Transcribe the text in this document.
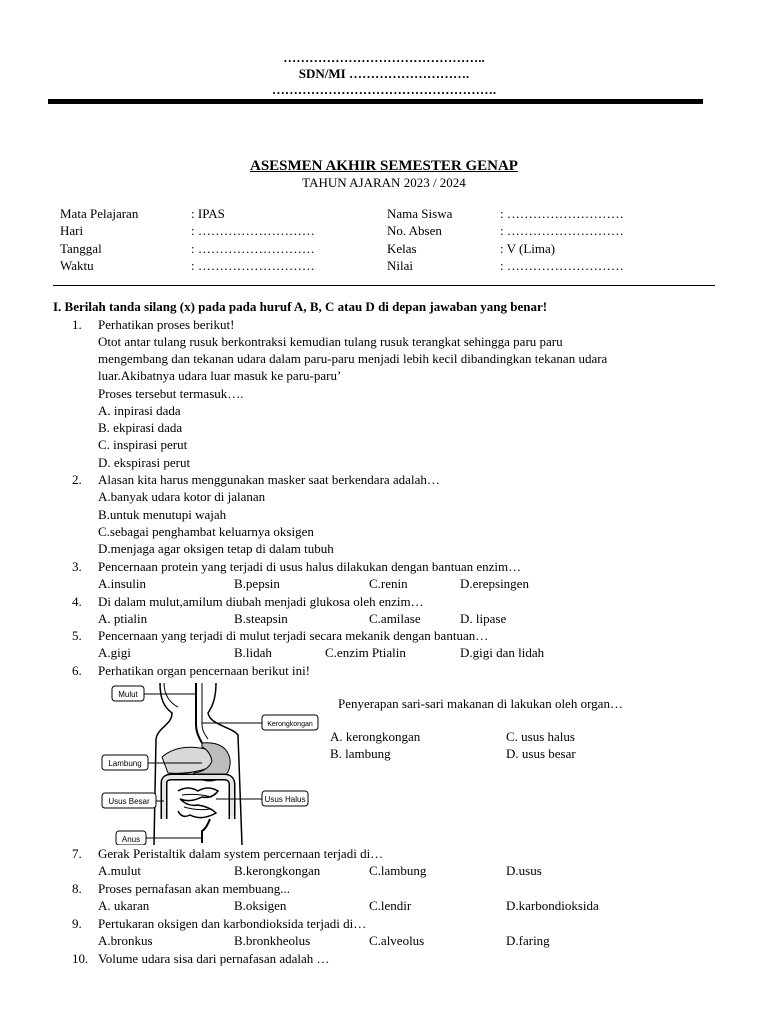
………………………………………..
SDN/MI ……………………….
…………………………………………….
ASESMEN AKHIR SEMESTER GENAP
TAHUN AJARAN 2023 / 2024
Mata Pelajaran	: IPAS
Hari	: ………………………
Tanggal	: ………………………
Waktu	: ………………………
Nama Siswa	: ………………………
No. Absen	: ………………………
Kelas	: V (Lima)
Nilai	: ………………………
I. Berilah tanda silang (x) pada pada huruf A, B, C atau D di depan jawaban yang benar!
1. Perhatikan proses berikut!
Otot antar tulang rusuk berkontraksi kemudian tulang rusuk terangkat sehingga paru paru
mengembang dan tekanan udara dalam paru-paru menjadi lebih kecil dibandingkan tekanan udara
luar.Akibatnya udara luar masuk ke paru-paru’
Proses tersebut termasuk….
A. inpirasi dada
B. ekpirasi dada
C. inspirasi perut
D. ekspirasi perut
2. Alasan kita harus menggunakan masker saat berkendara adalah…
A.banyak udara kotor di jalanan
B.untuk menutupi wajah
C.sebagai penghambat keluarnya oksigen
D.menjaga agar oksigen tetap di dalam tubuh
3. Pencernaan protein yang terjadi di usus halus dilakukan dengan bantuan enzim…
A.insulin	B.pepsin	C.renin	D.erepsingen
4. Di dalam mulut,amilum diubah menjadi glukosa oleh enzim…
A. ptialin	B.steapsin	C.amilase	D. lipase
5. Pencernaan yang terjadi di mulut terjadi secara mekanik dengan bantuan…
A.gigi	B.lidah	C.enzim Ptialin	D.gigi dan lidah
6. Perhatikan organ pencernaan berikut ini!
Mulut
Kerongkongan
Lambung
Usus Besar	Usus Halus
Anus
Penyerapan sari-sari makanan di lakukan oleh organ…
A. kerongkongan	C. usus halus
B. lambung	D. usus besar
7. Gerak Peristaltik dalam system percernaan terjadi di…
A.mulut	B.kerongkongan	C.lambung	D.usus
8. Proses pernafasan akan membuang...
A. ukaran	B.oksigen	C.lendir	D.karbondioksida
9. Pertukaran oksigen dan karbondioksida terjadi di…
A.bronkus	B.bronkheolus	C.alveolus	D.faring
10. Volume udara sisa dari pernafasan adalah …
